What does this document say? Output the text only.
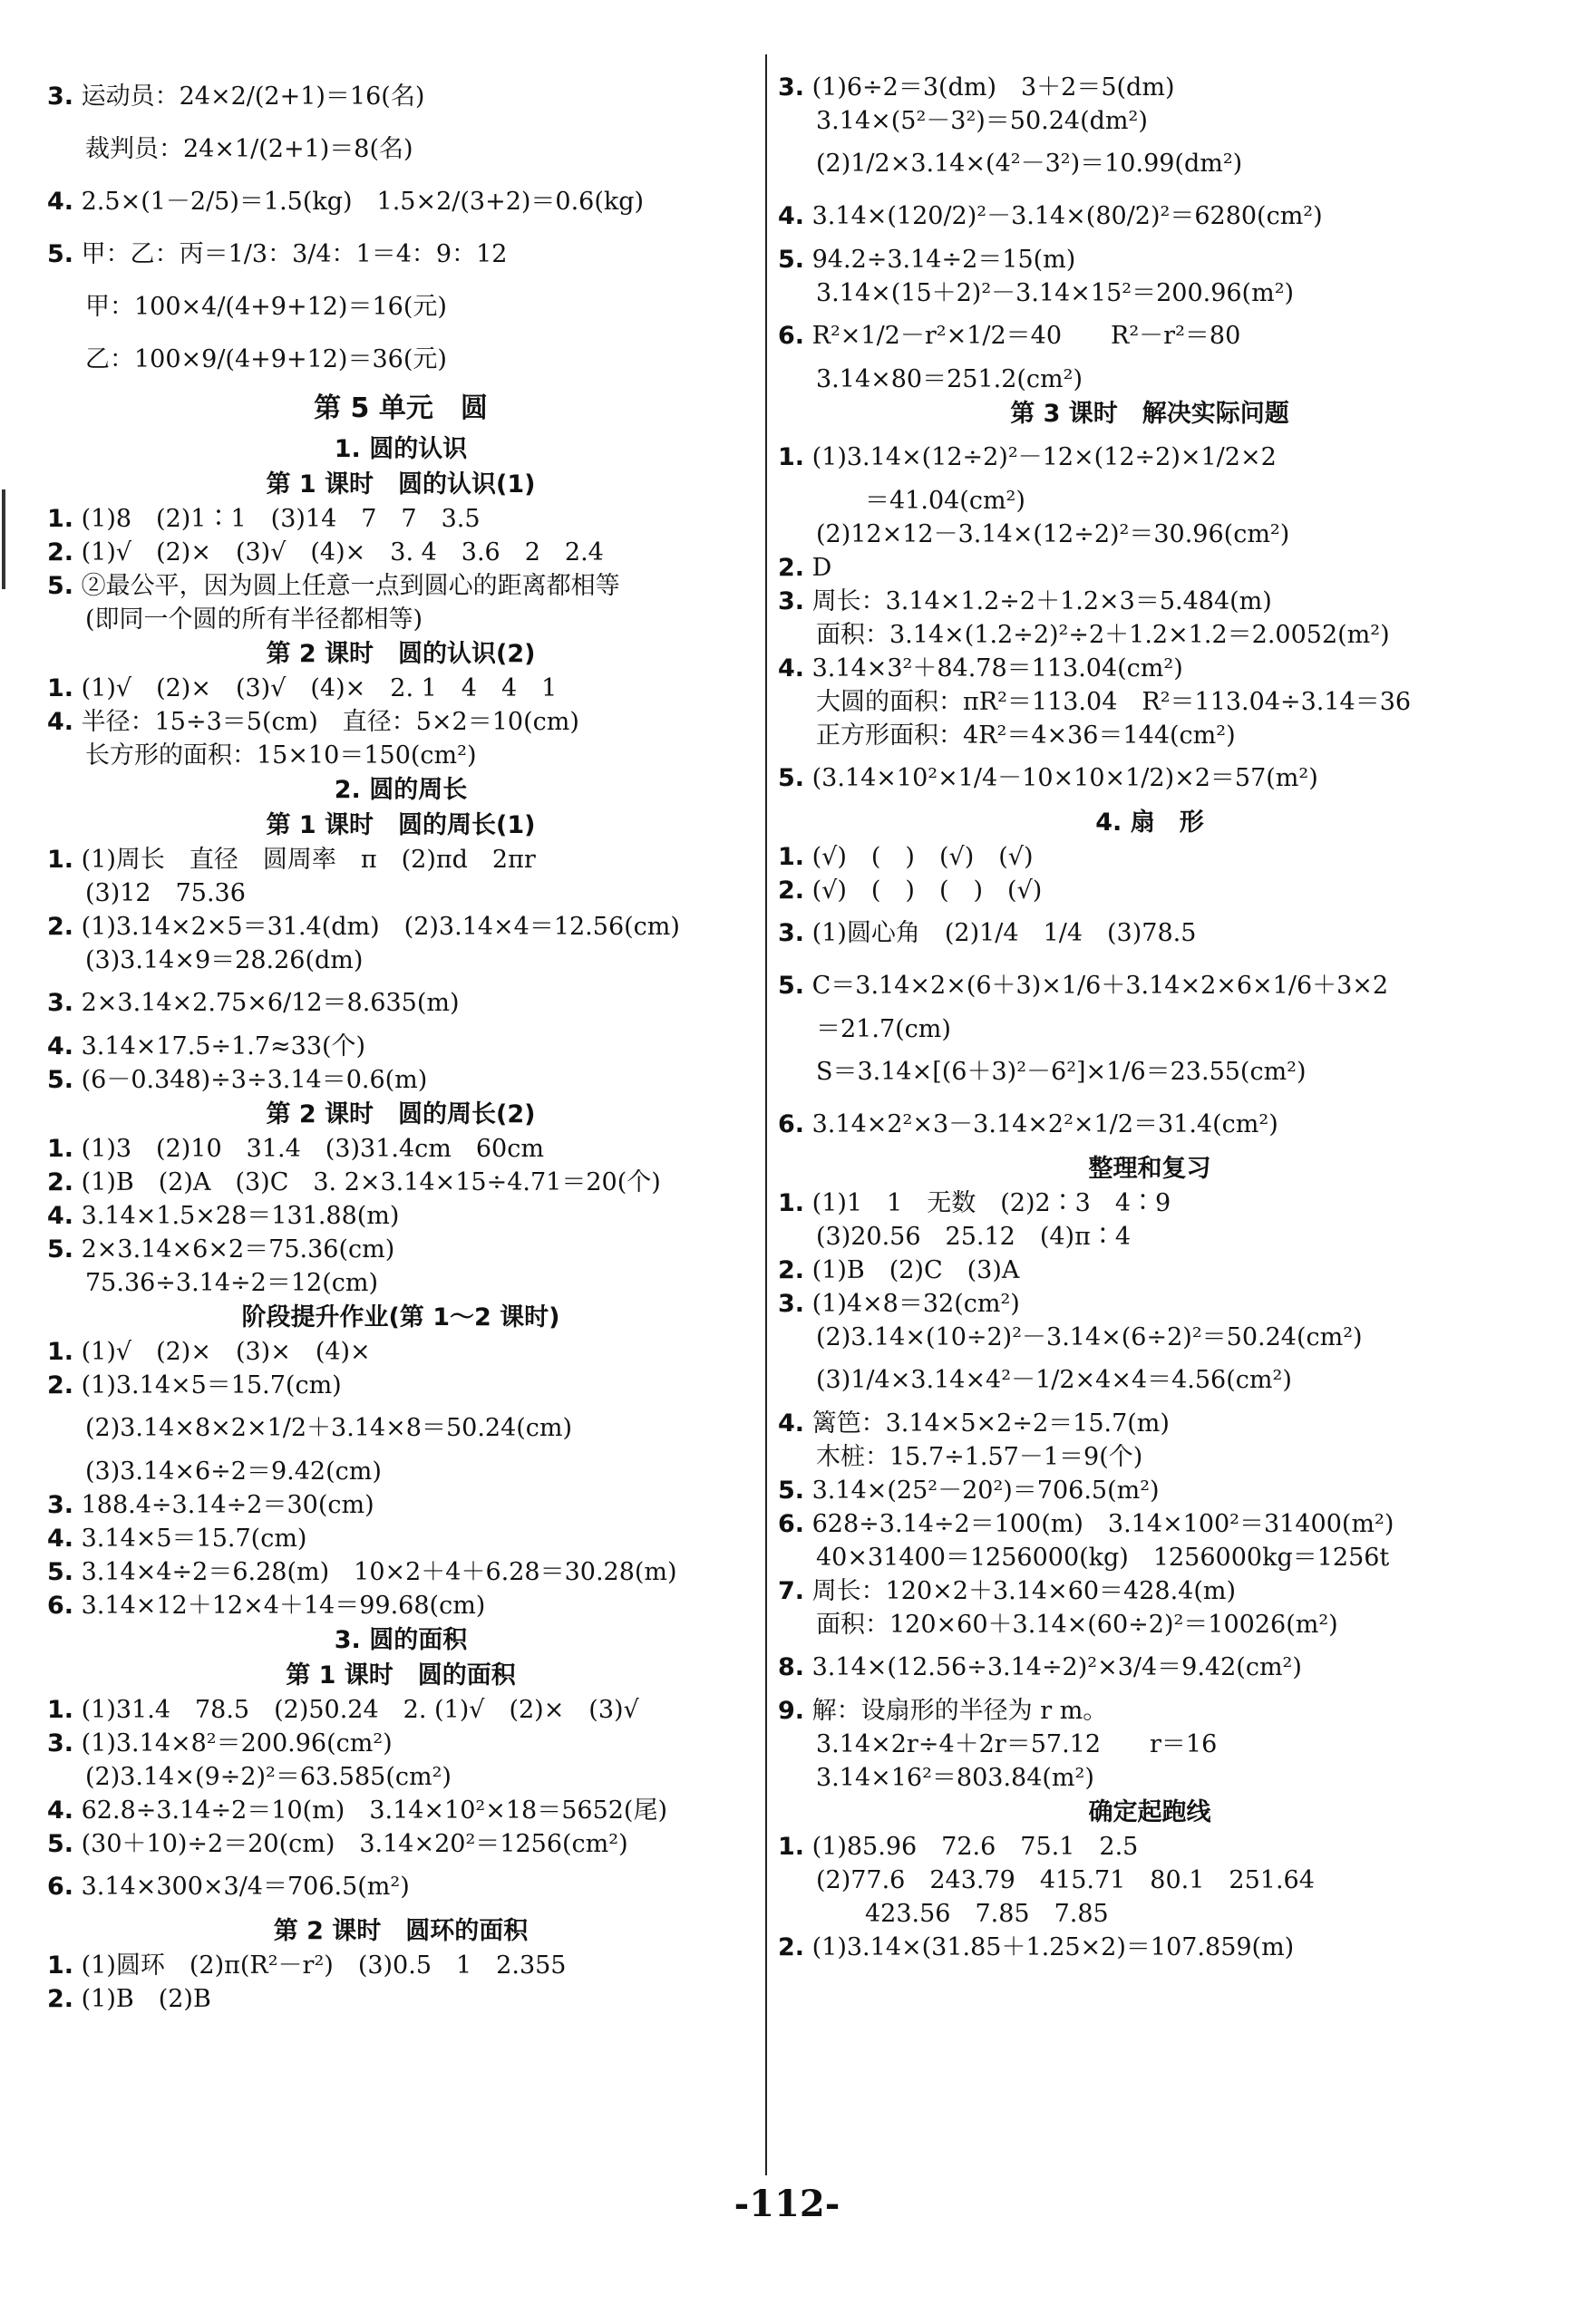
3. 运动员：24×2/(2+1)＝16(名)
裁判员：24×1/(2+1)＝8(名)
4. 2.5×(1－2/5)＝1.5(kg)　1.5×2/(3+2)＝0.6(kg)
5. 甲：乙：丙＝1/3：3/4：1＝4：9：12
甲：100×4/(4+9+12)＝16(元)
乙：100×9/(4+9+12)＝36(元)
第 5 单元　圆
1. 圆的认识
第 1 课时　圆的认识(1)
1. (1)8　(2)1∶1　(3)14　7　7　3.5
2. (1)√　(2)×　(3)√　(4)×　3. 4　3.6　2　2.4
5. ②最公平，因为圆上任意一点到圆心的距离都相等
(即同一个圆的所有半径都相等)
第 2 课时　圆的认识(2)
1. (1)√　(2)×　(3)√　(4)×　2. 1　4　4　1
4. 半径：15÷3＝5(cm)　直径：5×2＝10(cm)
长方形的面积：15×10＝150(cm²)
2. 圆的周长
第 1 课时　圆的周长(1)
1. (1)周长　直径　圆周率　π　(2)πd　2πr
(3)12　75.36
2. (1)3.14×2×5＝31.4(dm)　(2)3.14×4＝12.56(cm)
(3)3.14×9＝28.26(dm)
3. 2×3.14×2.75×6/12＝8.635(m)
4. 3.14×17.5÷1.7≈33(个)
5. (6－0.348)÷3÷3.14＝0.6(m)
第 2 课时　圆的周长(2)
1. (1)3　(2)10　31.4　(3)31.4cm　60cm
2. (1)B　(2)A　(3)C　3. 2×3.14×15÷4.71＝20(个)
4. 3.14×1.5×28＝131.88(m)
5. 2×3.14×6×2＝75.36(cm)
75.36÷3.14÷2＝12(cm)
阶段提升作业(第 1～2 课时)
1. (1)√　(2)×　(3)×　(4)×
2. (1)3.14×5＝15.7(cm)
(2)3.14×8×2×1/2＋3.14×8＝50.24(cm)
(3)3.14×6÷2＝9.42(cm)
3. 188.4÷3.14÷2＝30(cm)
4. 3.14×5＝15.7(cm)
5. 3.14×4÷2＝6.28(m)　10×2＋4＋6.28＝30.28(m)
6. 3.14×12＋12×4＋14＝99.68(cm)
3. 圆的面积
第 1 课时　圆的面积
1. (1)31.4　78.5　(2)50.24　2. (1)√　(2)×　(3)√
3. (1)3.14×8²＝200.96(cm²)
(2)3.14×(9÷2)²＝63.585(cm²)
4. 62.8÷3.14÷2＝10(m)　3.14×10²×18＝5652(尾)
5. (30＋10)÷2＝20(cm)　3.14×20²＝1256(cm²)
6. 3.14×300×3/4＝706.5(m²)
第 2 课时　圆环的面积
1. (1)圆环　(2)π(R²－r²)　(3)0.5　1　2.355
2. (1)B　(2)B
3. (1)6÷2＝3(dm)　3＋2＝5(dm)
3.14×(5²－3²)＝50.24(dm²)
(2)1/2×3.14×(4²－3²)＝10.99(dm²)
4. 3.14×(120/2)²－3.14×(80/2)²＝6280(cm²)
5. 94.2÷3.14÷2＝15(m)
3.14×(15＋2)²－3.14×15²＝200.96(m²)
6. R²×1/2－r²×1/2＝40　　R²－r²＝80
3.14×80＝251.2(cm²)
第 3 课时　解决实际问题
1. (1)3.14×(12÷2)²－12×(12÷2)×1/2×2
＝41.04(cm²)
(2)12×12－3.14×(12÷2)²＝30.96(cm²)
2. D
3. 周长：3.14×1.2÷2＋1.2×3＝5.484(m)
面积：3.14×(1.2÷2)²÷2＋1.2×1.2＝2.0052(m²)
4. 3.14×3²＋84.78＝113.04(cm²)
大圆的面积：πR²＝113.04　R²＝113.04÷3.14＝36
正方形面积：4R²＝4×36＝144(cm²)
5. (3.14×10²×1/4－10×10×1/2)×2＝57(m²)
4. 扇　形
1. (√)　(　)　(√)　(√)
2. (√)　(　)　(　)　(√)
3. (1)圆心角　(2)1/4　1/4　(3)78.5
5. C＝3.14×2×(6＋3)×1/6＋3.14×2×6×1/6＋3×2
＝21.7(cm)
S＝3.14×[(6＋3)²－6²]×1/6＝23.55(cm²)
6. 3.14×2²×3－3.14×2²×1/2＝31.4(cm²)
整理和复习
1. (1)1　1　无数　(2)2∶3　4∶9
(3)20.56　25.12　(4)π∶4
2. (1)B　(2)C　(3)A
3. (1)4×8＝32(cm²)
(2)3.14×(10÷2)²－3.14×(6÷2)²＝50.24(cm²)
(3)1/4×3.14×4²－1/2×4×4＝4.56(cm²)
4. 篱笆：3.14×5×2÷2＝15.7(m)
木桩：15.7÷1.57－1＝9(个)
5. 3.14×(25²－20²)＝706.5(m²)
6. 628÷3.14÷2＝100(m)　3.14×100²＝31400(m²)
40×31400＝1256000(kg)　1256000kg＝1256t
7. 周长：120×2＋3.14×60＝428.4(m)
面积：120×60＋3.14×(60÷2)²＝10026(m²)
8. 3.14×(12.56÷3.14÷2)²×3/4＝9.42(cm²)
9. 解：设扇形的半径为 r m。
3.14×2r÷4＋2r＝57.12　　r＝16
3.14×16²＝803.84(m²)
确定起跑线
1. (1)85.96　72.6　75.1　2.5
(2)77.6　243.79　415.71　80.1　251.64
423.56　7.85　7.85
2. (1)3.14×(31.85＋1.25×2)＝107.859(m)
-112-
